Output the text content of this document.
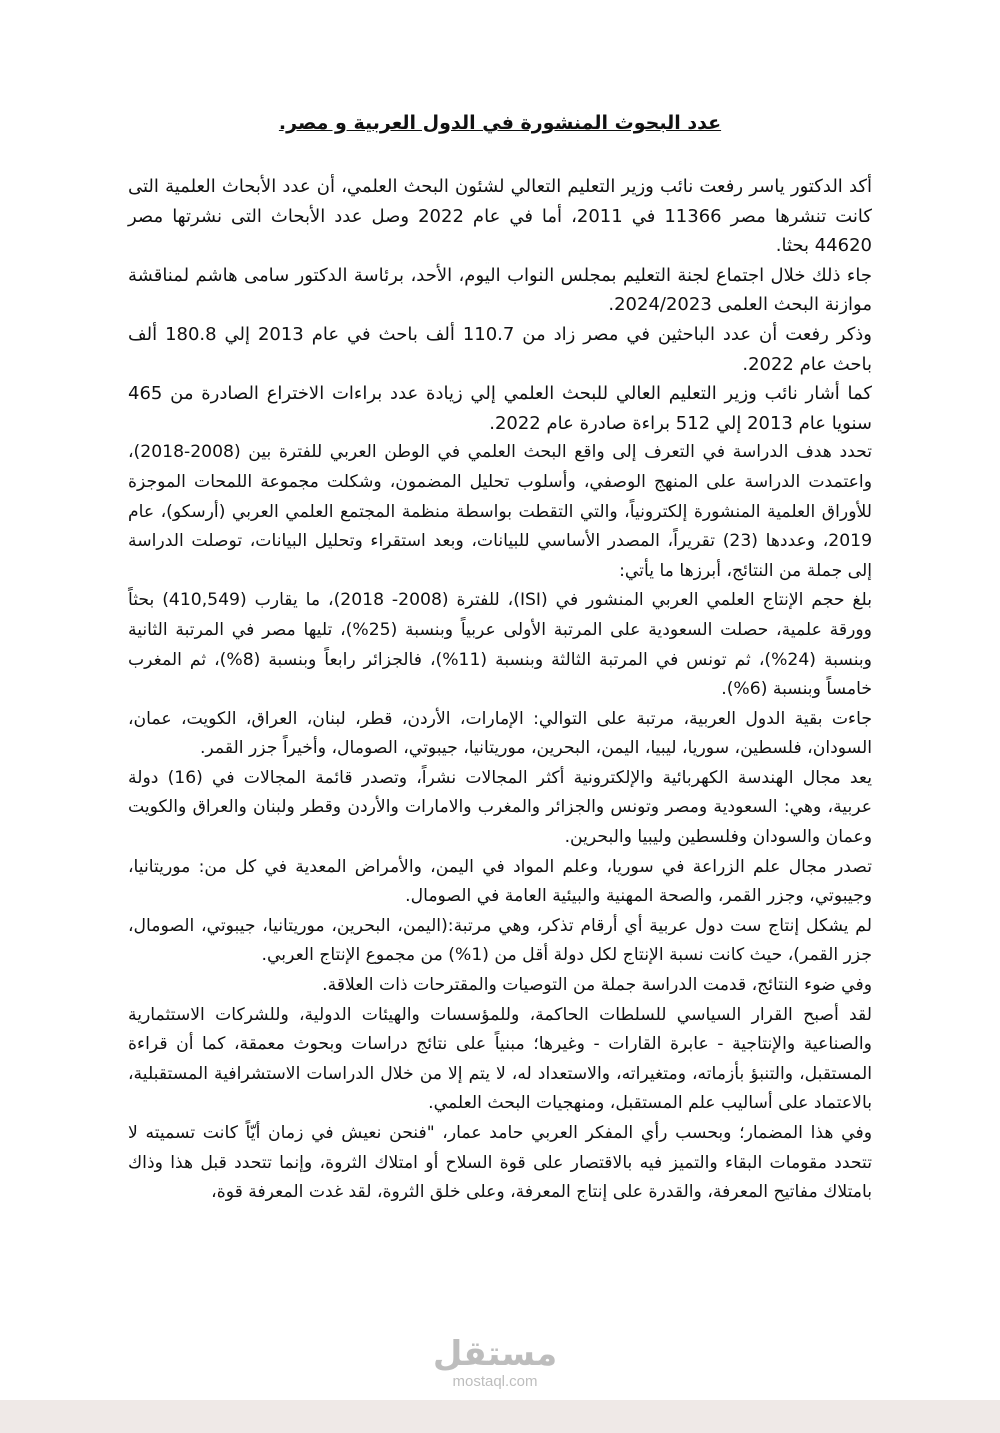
عدد البحوث المنشورة في الدول العربية و مصر.

أكد الدكتور ياسر رفعت نائب وزير التعليم التعالي لشئون البحث العلمي، أن عدد الأبحاث العلمية التى كانت تنشرها مصر 11366 في 2011، أما في عام 2022 وصل عدد الأبحاث التى نشرتها مصر 44620 بحثا.

جاء ذلك خلال اجتماع لجنة التعليم بمجلس النواب اليوم، الأحد، برئاسة الدكتور سامى هاشم لمناقشة موازنة البحث العلمى 2024/2023.

وذكر رفعت أن عدد الباحثين في مصر زاد من 110.7 ألف باحث في عام 2013 إلي 180.8 ألف باحث عام 2022.

كما أشار نائب وزير التعليم العالي للبحث العلمي إلي زيادة عدد براءات الاختراع الصادرة من 465 سنويا عام 2013 إلي 512 براءة صادرة عام 2022.

تحدد هدف الدراسة في التعرف إلى واقع البحث العلمي في الوطن العربي للفترة بين (2008-2018)، واعتمدت الدراسة على المنهج الوصفي، وأسلوب تحليل المضمون، وشكلت مجموعة اللمحات الموجزة للأوراق العلمية المنشورة إلكترونياً، والتي التقطت بواسطة منظمة المجتمع العلمي العربي (أرسكو)، عام 2019، وعددها (23) تقريراً، المصدر الأساسي للبيانات، وبعد استقراء وتحليل البيانات، توصلت الدراسة إلى جملة من النتائج، أبرزها ما يأتي:

بلغ حجم الإنتاج العلمي العربي المنشور في (ISI)، للفترة (2008- 2018)، ما يقارب (410,549) بحثاً وورقة علمية، حصلت السعودية على المرتبة الأولى عربياً وبنسبة (25%)، تليها مصر في المرتبة الثانية وبنسبة (24%)، ثم تونس في المرتبة الثالثة وبنسبة (11%)، فالجزائر رابعاً وبنسبة (8%)، ثم المغرب خامساً وبنسبة (6%).

جاءت بقية الدول العربية، مرتبة على التوالي: الإمارات، الأردن، قطر، لبنان، العراق، الكويت، عمان، السودان، فلسطين، سوريا، ليبيا، اليمن، البحرين، موريتانيا، جيبوتي، الصومال، وأخيراً جزر القمر.

يعد مجال الهندسة الكهربائية والإلكترونية أكثر المجالات نشراً، وتصدر قائمة المجالات في (16) دولة عربية، وهي: السعودية ومصر وتونس والجزائر والمغرب والامارات والأردن وقطر ولبنان والعراق والكويت وعمان والسودان وفلسطين وليبيا والبحرين.

تصدر مجال علم الزراعة في سوريا، وعلم المواد في اليمن، والأمراض المعدية في كل من: موريتانيا، وجيبوتي، وجزر القمر، والصحة المهنية والبيئية العامة في الصومال.

لم يشكل إنتاج ست دول عربية أي أرقام تذكر، وهي مرتبة:(اليمن، البحرين، موريتانيا، جيبوتي، الصومال، جزر القمر)، حيث كانت نسبة الإنتاج لكل دولة أقل من (1%) من مجموع الإنتاج العربي.

وفي ضوء النتائج، قدمت الدراسة جملة من التوصيات والمقترحات ذات العلاقة.

لقد أصبح القرار السياسي للسلطات الحاكمة، وللمؤسسات والهيئات الدولية، وللشركات الاستثمارية والصناعية والإنتاجية - عابرة القارات - وغيرها؛ مبنياً على نتائج دراسات وبحوث معمقة، كما أن قراءة المستقبل، والتنبؤ بأزماته، ومتغيراته، والاستعداد له، لا يتم إلا من خلال الدراسات الاستشرافية المستقبلية، بالاعتماد على أساليب علم المستقبل، ومنهجيات البحث العلمي.

وفي هذا المضمار؛ وبحسب رأي المفكر العربي حامد عمار، "فنحن نعيش في زمان أيّاً كانت تسميته لا تتحدد مقومات البقاء والتميز فيه بالاقتصار على قوة السلاح أو امتلاك الثروة، وإنما تتحدد قبل هذا وذاك بامتلاك مفاتيح المعرفة، والقدرة على إنتاج المعرفة، وعلى خلق الثروة، لقد غدت المعرفة قوة،

مستقل
mostaql.com
